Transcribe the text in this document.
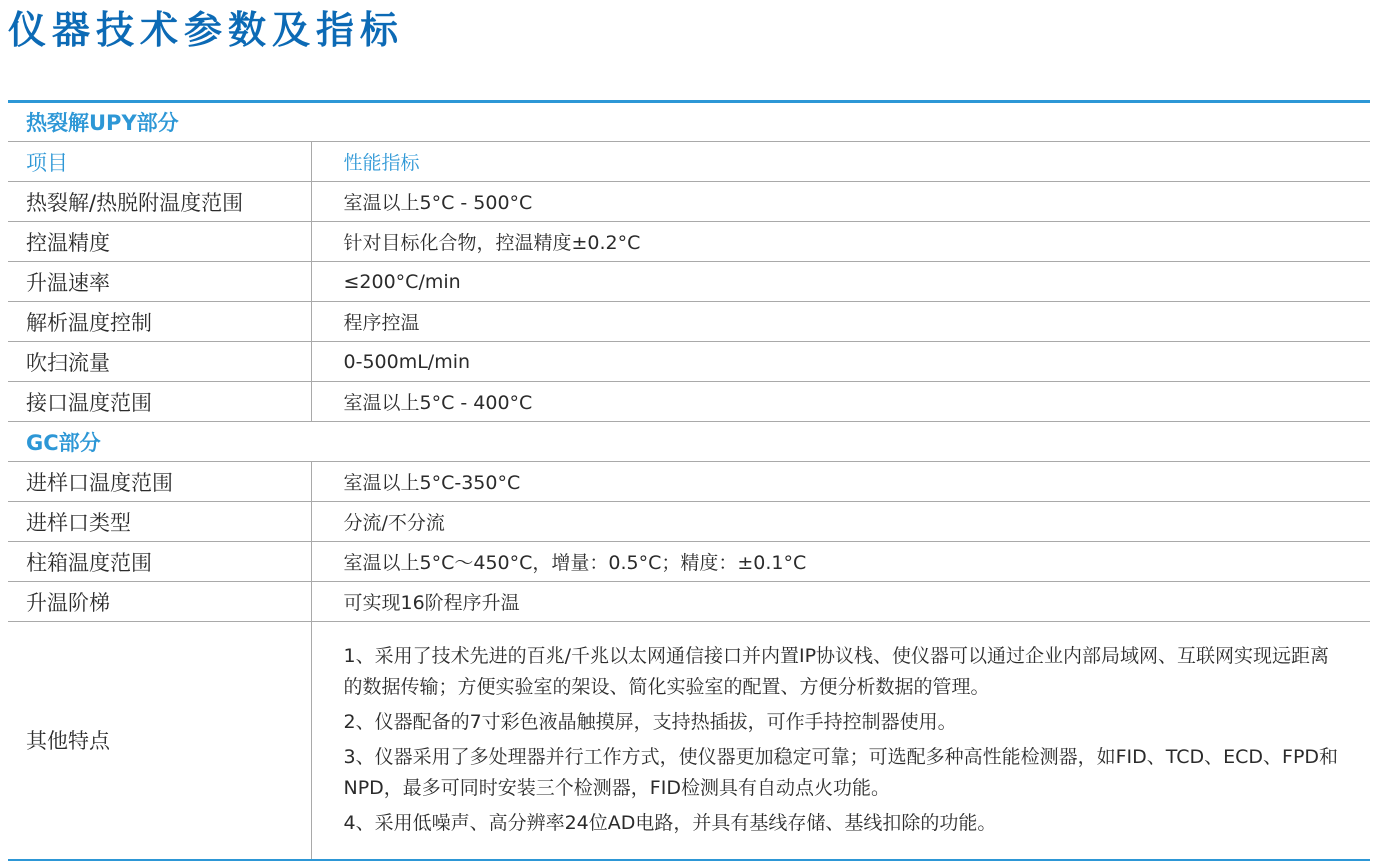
仪器技术参数及指标
热裂解UPY部分	
项目	性能指标
热裂解/热脱附温度范围	室温以上5°C - 500°C
控温精度	针对目标化合物，控温精度±0.2°C
升温速率	≤200°C/min
解析温度控制	程序控温
吹扫流量	0-500mL/min
接口温度范围	室温以上5°C - 400°C
GC部分	
进样口温度范围	室温以上5°C-350°C
进样口类型	分流/不分流
柱箱温度范围	室温以上5°C～450°C，增量：0.5°C；精度：±0.1°C
升温阶梯	可实现16阶程序升温
其他特点	1、采用了技术先进的百兆/千兆以太网通信接口并内置IP协议栈、使仪器可以通过企业内部局域网、互联网实现远距离的数据传输；方便实验室的架设、简化实验室的配置、方便分析数据的管理。

2、仪器配备的7寸彩色液晶触摸屏，支持热插拔，可作手持控制器使用。

3、仪器采用了多处理器并行工作方式，使仪器更加稳定可靠；可选配多种高性能检测器，如FID、TCD、ECD、FPD和NPD，最多可同时安装三个检测器，FID检测具有自动点火功能。

4、采用低噪声、高分辨率24位AD电路，并具有基线存储、基线扣除的功能。
